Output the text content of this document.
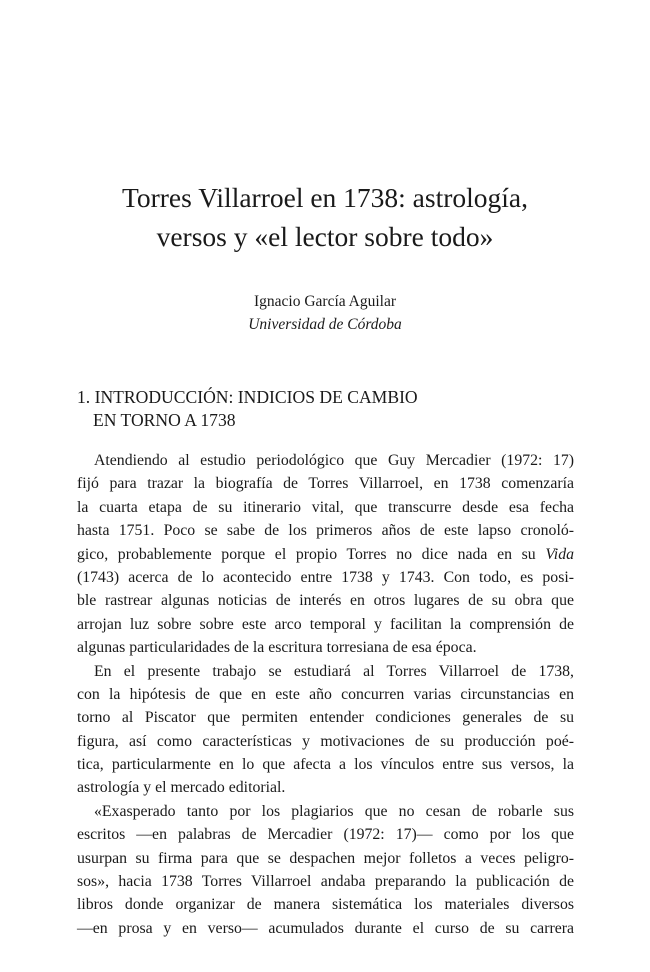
Torres Villarroel en 1738: astrología,
versos y «el lector sobre todo»
Ignacio García Aguilar
Universidad de Córdoba
1. INTRODUCCIÓN: INDICIOS DE CAMBIO
EN TORNO A 1738
Atendiendo al estudio periodológico que Guy Mercadier (1972: 17)
fijó para trazar la biografía de Torres Villarroel, en 1738 comenzaría
la cuarta etapa de su itinerario vital, que transcurre desde esa fecha
hasta 1751. Poco se sabe de los primeros años de este lapso cronoló-
gico, probablemente porque el propio Torres no dice nada en su Vida
(1743) acerca de lo acontecido entre 1738 y 1743. Con todo, es posi-
ble rastrear algunas noticias de interés en otros lugares de su obra que
arrojan luz sobre sobre este arco temporal y facilitan la comprensión de
algunas particularidades de la escritura torresiana de esa época.
En el presente trabajo se estudiará al Torres Villarroel de 1738,
con la hipótesis de que en este año concurren varias circunstancias en
torno al Piscator que permiten entender condiciones generales de su
figura, así como características y motivaciones de su producción poé-
tica, particularmente en lo que afecta a los vínculos entre sus versos, la
astrología y el mercado editorial.
«Exasperado tanto por los plagiarios que no cesan de robarle sus
escritos —en palabras de Mercadier (1972: 17)— como por los que
usurpan su firma para que se despachen mejor folletos a veces peligro-
sos», hacia 1738 Torres Villarroel andaba preparando la publicación de
libros donde organizar de manera sistemática los materiales diversos
—en prosa y en verso— acumulados durante el curso de su carrera
